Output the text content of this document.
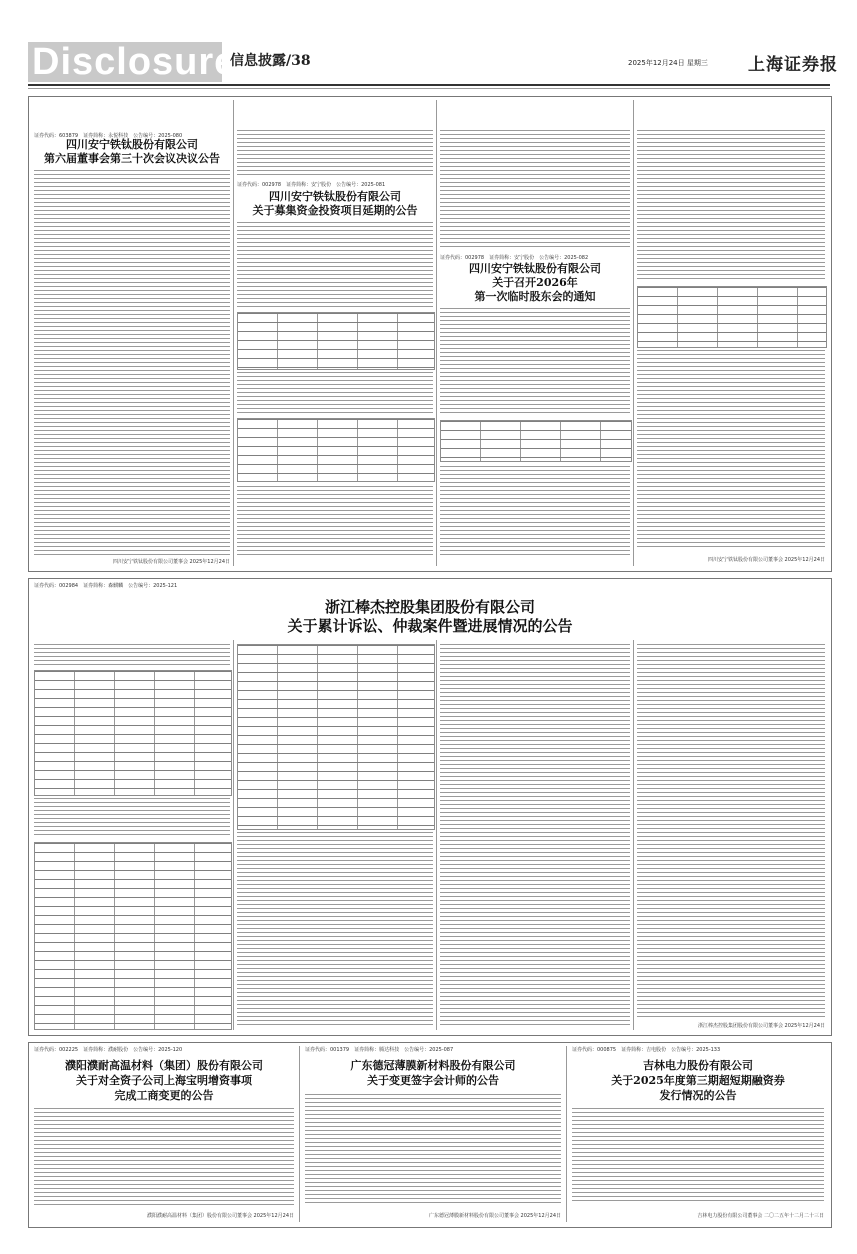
Disclosure
信息披露/38	2025年12月24日 星期三 上海证券报
证券代码：603879　证券简称：永悦科技　公告编号：2025-080
四川安宁铁钛股份有限公司
第六届董事会第三十次会议决议公告
四川安宁铁钛股份有限公司董事会 2025年12月24日
证券代码：002978　证券简称：安宁股份　公告编号：2025-081
四川安宁铁钛股份有限公司
关于募集资金投资项目延期的公告
证券代码：002978　证券简称：安宁股份　公告编号：2025-082
四川安宁铁钛股份有限公司
关于召开2026年
第一次临时股东会的通知
四川安宁铁钛股份有限公司董事会 2025年12月24日
证券代码：002984　证券简称：森麒麟　公告编号：2025-121
浙江棒杰控股集团股份有限公司
关于累计诉讼、仲裁案件暨进展情况的公告
浙江棒杰控股集团股份有限公司董事会 2025年12月24日
证券代码：002225　证券简称：濮耐股份　公告编号：2025-120
濮阳濮耐高温材料（集团）股份有限公司
关于对全资子公司上海宝明增资事项
完成工商变更的公告
濮阳濮耐高温材料（集团）股份有限公司董事会 2025年12月24日
证券代码：001379　证券简称：腾达科技　公告编号：2025-087
广东德冠薄膜新材料股份有限公司
关于变更签字会计师的公告
广东德冠薄膜新材料股份有限公司董事会 2025年12月24日
证券代码：000875　证券简称：吉电股份　公告编号：2025-133
吉林电力股份有限公司
关于2025年度第三期超短期融资券
发行情况的公告
吉林电力股份有限公司董事会 二〇二五年十二月二十三日
